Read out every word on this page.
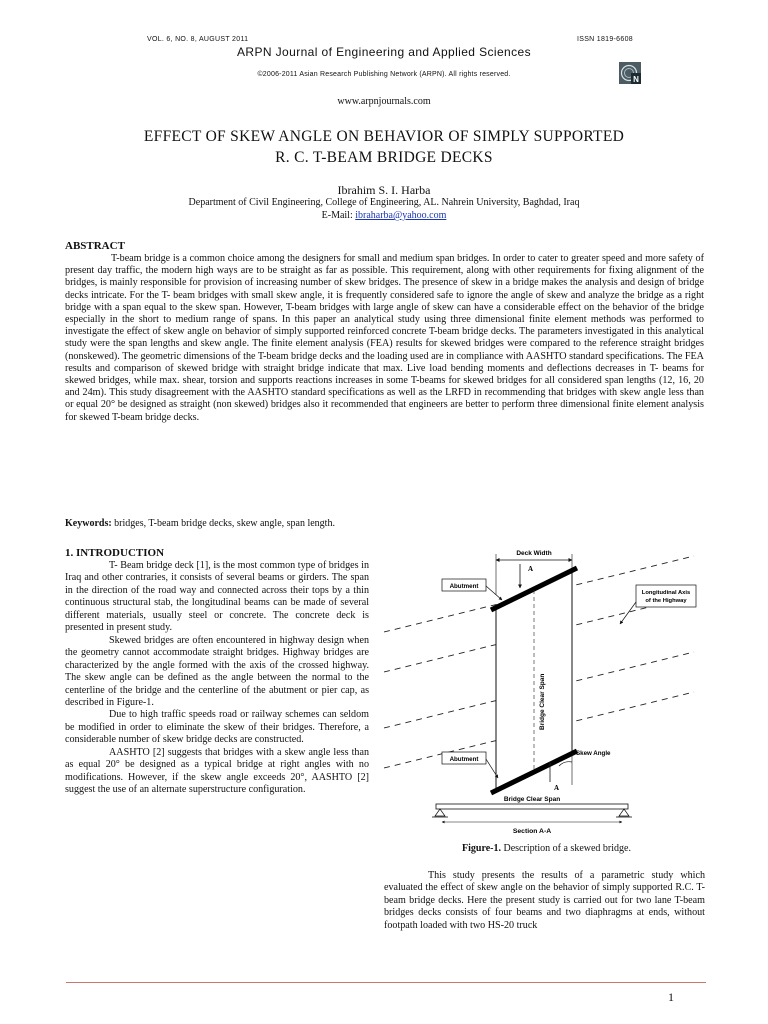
VOL. 6, NO. 8, AUGUST 2011	ISSN 1819-6608
ARPN Journal of Engineering and Applied Sciences
©2006-2011 Asian Research Publishing Network (ARPN). All rights reserved.
N
www.arpnjournals.com
EFFECT OF SKEW ANGLE ON BEHAVIOR OF SIMPLY SUPPORTED
R. C. T-BEAM BRIDGE DECKS
Ibrahim S. I. Harba
Department of Civil Engineering, College of Engineering, AL. Nahrein University, Baghdad, Iraq
E-Mail: ibraharba@yahoo.com
ABSTRACT
T-beam bridge is a common choice among the designers for small and medium span bridges. In order to cater to greater speed and more safety of present day traffic, the modern high ways are to be straight as far as possible. This requirement, along with other requirements for fixing alignment of the bridges, is mainly responsible for provision of increasing number of skew bridges. The presence of skew in a bridge makes the analysis and design of bridge decks intricate. For the T- beam bridges with small skew angle, it is frequently considered safe to ignore the angle of skew and analyze the bridge as a right bridge with a span equal to the skew span. However, T-beam bridges with large angle of skew can have a considerable effect on the behavior of the bridge especially in the short to medium range of spans. In this paper an analytical study using three dimensional finite element methods was performed to investigate the effect of skew angle on behavior of simply supported reinforced concrete T-beam bridge decks. The parameters investigated in this analytical study were the span lengths and skew angle. The finite element analysis (FEA) results for skewed bridges were compared to the reference straight bridges (nonskewed). The geometric dimensions of the T-beam bridge decks and the loading used are in compliance with AASHTO standard specifications. The FEA results and comparison of skewed bridge with straight bridge indicate that max. Live load bending moments and deflections decreases in T- beams for skewed bridges, while max. shear, torsion and supports reactions increases in some T-beams for skewed bridges for all considered span lengths (12, 16, 20 and 24m). This study disagreement with the AASHTO standard specifications as well as the LRFD in recommending that bridges with skew angle less than or equal 20° be designed as straight (non skewed) bridges also it recommended that engineers are better to perform three dimensional finite element analysis for skewed T-beam bridge decks.
Keywords: bridges, T-beam bridge decks, skew angle, span length.
1. INTRODUCTION

T- Beam bridge deck [1], is the most common type of bridges in Iraq and other contraries, it consists of several beams or girders. The span in the direction of the road way and connected across their tops by a thin continuous structural stab, the longitudinal beams can be made of several different materials, usually steel or concrete. The concrete deck is presented in present study.

Skewed bridges are often encountered in highway design when the geometry cannot accommodate straight bridges. Highway bridges are characterized by the angle formed with the axis of the crossed highway. The skew angle can be defined as the angle between the normal to the centerline of the bridge and the centerline of the abutment or pier cap, as described in Figure-1.

Due to high traffic speeds road or railway schemes can seldom be modified in order to eliminate the skew of their bridges. Therefore, a considerable number of skew bridge decks are constructed.

AASHTO [2] suggests that bridges with a skew angle less than as equal 20° be designed as a typical bridge at right angles with no modifications. However, if the skew angle exceeds 20°, AASHTO [2] suggest the use of an alternate superstructure configuration.

Deck Width
A
Bridge Clear Span
Abutment
Longitudinal Axis
of the Highway
Skew Angle
Abutment
A
Bridge Clear Span
Section A-A
Figure-1. Description of a skewed bridge.
This study presents the results of a parametric study which evaluated the effect of skew angle on the behavior of simply supported R.C. T-beam bridge decks. Here the present study is carried out for two lane T-beam bridges decks consists of four beams and two diaphragms at ends, without footpath loaded with two HS-20 truck
1
